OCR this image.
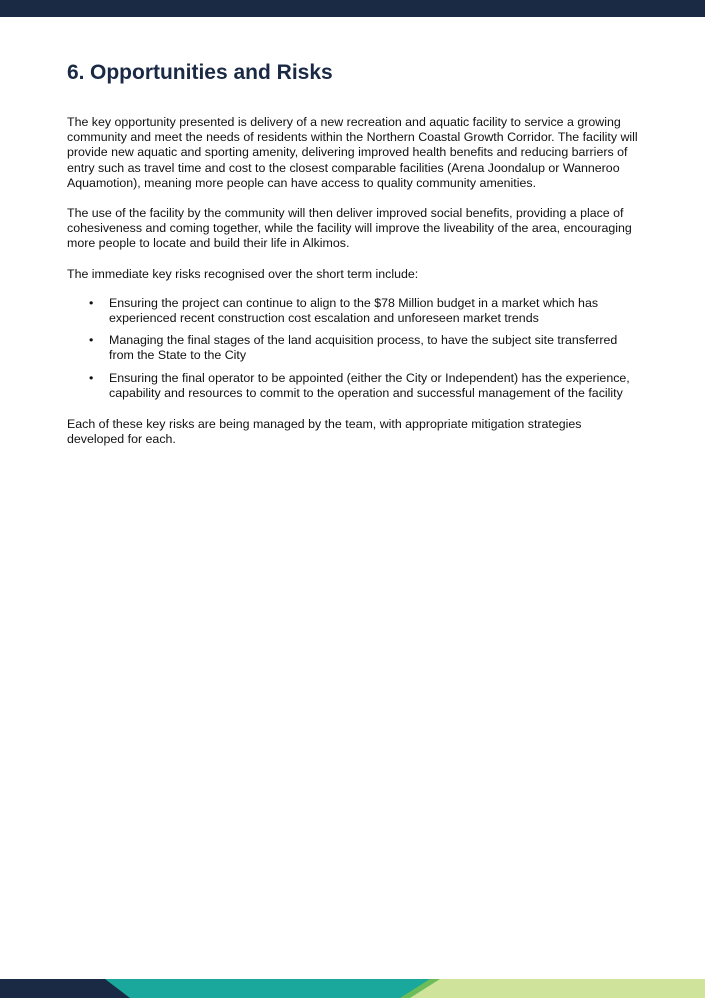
6. Opportunities and Risks

The key opportunity presented is delivery of a new recreation and aquatic facility to service a growing community and meet the needs of residents within the Northern Coastal Growth Corridor. The facility will provide new aquatic and sporting amenity, delivering improved health benefits and reducing barriers of entry such as travel time and cost to the closest comparable facilities (Arena Joondalup or Wanneroo Aquamotion), meaning more people can have access to quality community amenities.

The use of the facility by the community will then deliver improved social benefits, providing a place of cohesiveness and coming together, while the facility will improve the liveability of the area, encouraging more people to locate and build their life in Alkimos.

The immediate key risks recognised over the short term include:

• Ensuring the project can continue to align to the $78 Million budget in a market which has experienced recent construction cost escalation and unforeseen market trends
• Managing the final stages of the land acquisition process, to have the subject site transferred from the State to the City
• Ensuring the final operator to be appointed (either the City or Independent) has the experience, capability and resources to commit to the operation and successful management of the facility

Each of these key risks are being managed by the team, with appropriate mitigation strategies developed for each.
